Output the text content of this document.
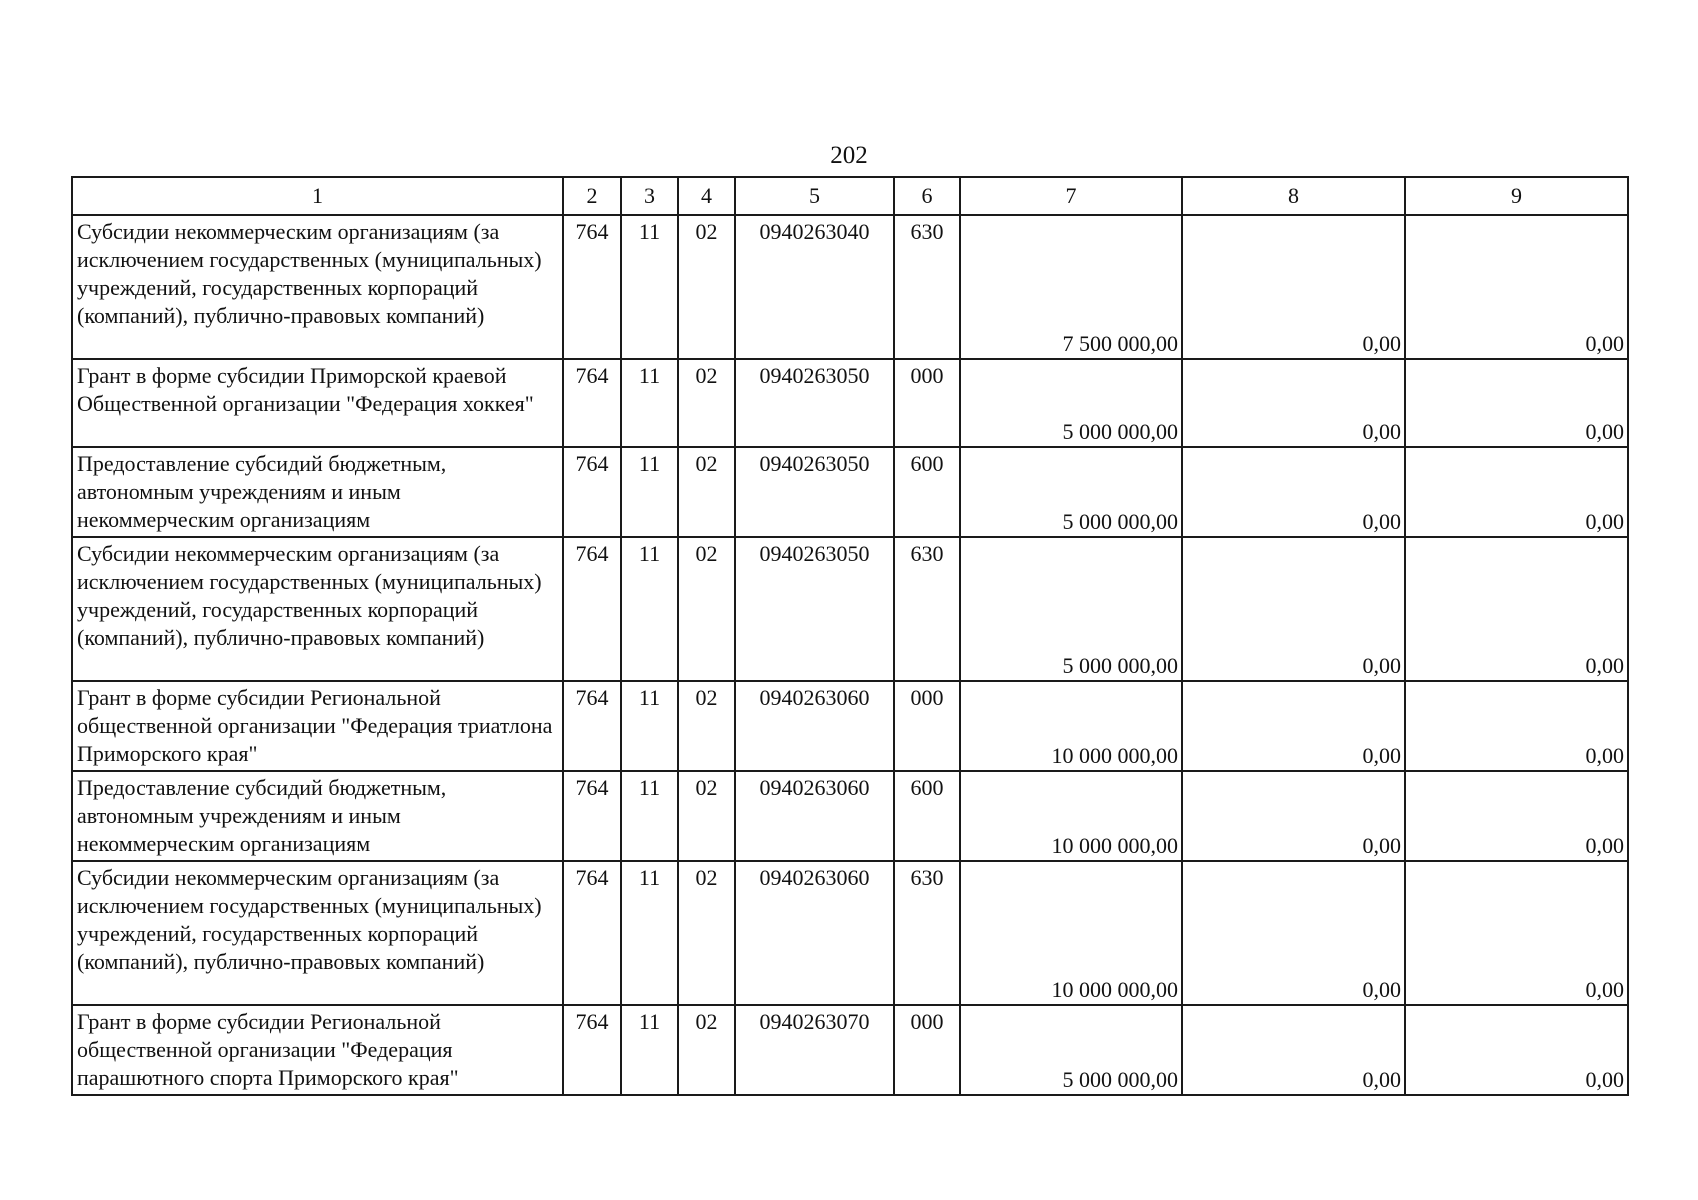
202
1	2	3	4	5	6	7	8	9
Субсидии некоммерческим организациям (за исключением государственных (муниципальных) учреждений, государственных корпораций (компаний), публично-правовых компаний)	764	11	02	0940263040	630	7 500 000,00	0,00	0,00
Грант в форме субсидии Приморской краевой Общественной организации "Федерация хоккея"	764	11	02	0940263050	000	5 000 000,00	0,00	0,00
Предоставление субсидий бюджетным, автономным учреждениям и иным некоммерческим организациям	764	11	02	0940263050	600	5 000 000,00	0,00	0,00
Субсидии некоммерческим организациям (за исключением государственных (муниципальных) учреждений, государственных корпораций (компаний), публично-правовых компаний)	764	11	02	0940263050	630	5 000 000,00	0,00	0,00
Грант в форме субсидии Региональной общественной организации "Федерация триатлона Приморского края"	764	11	02	0940263060	000	10 000 000,00	0,00	0,00
Предоставление субсидий бюджетным, автономным учреждениям и иным некоммерческим организациям	764	11	02	0940263060	600	10 000 000,00	0,00	0,00
Субсидии некоммерческим организациям (за исключением государственных (муниципальных) учреждений, государственных корпораций (компаний), публично-правовых компаний)	764	11	02	0940263060	630	10 000 000,00	0,00	0,00
Грант в форме субсидии Региональной общественной организации "Федерация парашютного спорта Приморского края"	764	11	02	0940263070	000	5 000 000,00	0,00	0,00
